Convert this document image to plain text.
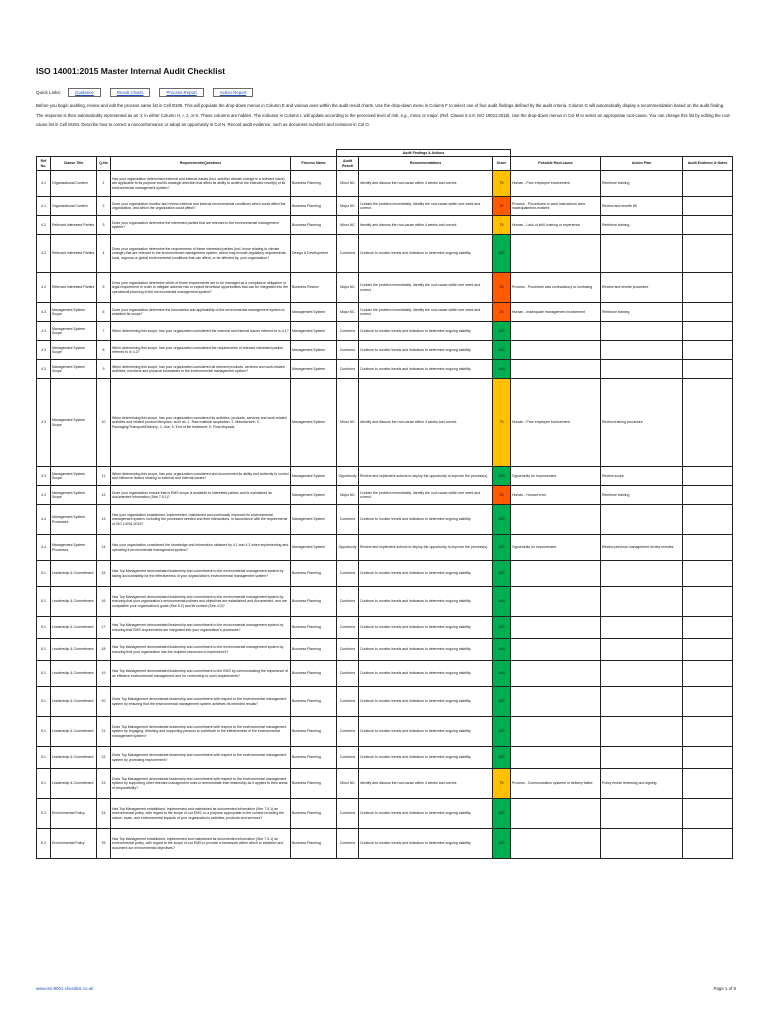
ISO 14001:2015 Master Internal Audit Checklist
Quick Links:	Guidance	Result Charts	Process Report	Action Report
Before you begin auditing, review and edit the process name list in Cell B195. This will populate the drop-down menus in Column E and various axes within the audit result charts. Use the drop-down menu in Column F to select one of four audit findings defined by the audit criteria. Column G will automatically display a recommendation based on the audit finding. The response is then automatically represented as an 'x' in either Column H, I, J, or K. These columns are hidden. The indicator in Column L will update according to the perceived level of risk, e.g., minor or major. (Ref. Clause 6.4.8, ISO 19011:2018). Use the drop-down menus in Col M to select an appropriate root-cause. You can change this list by editing the root-cause list in Cell M194. Describe how to correct a nonconformance or adopt an opportunity in Col N. Record audit evidence, such as document numbers and revisions in Col O.
					Audit Findings & Actions					
Ref No.	Clause Title	Q-No	Requirements/Questions	Process Name	Audit Result	Recommendations	Score	Possible Root-cause	Action Plan	Audit Evidence & Notes
4.1	Organizational Context	1	Has your organization determined external and internal issues (incl. whether climate change is a relevant issue) are applicable to its purpose and its strategic direction that affect its ability to achieve the intended result(s) of its environmental management system?	Business Planning	Minor NC	Identify and discuss the root-cause within 4 weeks and correct.	75	Human - Poor employee involvement	Reinforce training	
4.1	Organizational Context	2	Does your organization monitor and review external and internal environmental conditions which could affect the organization, and which the organization could affect?	Business Planning	Major NC	Contain the problem immediately. Identify the root-cause within one week and correct.	25	Process - Procedures or work instructions were inadequate/non-existent	Review and rewrite WI	
4.2	Relevant Interested Parties	3	Does your organization determine the interested parties that are relevant to the environmental management system?	Business Planning	Minor NC	Identify and discuss the root-cause within 4 weeks and correct.	75	Human - Lack of skill, training or experience	Reinforce training	
4.2	Relevant Interested Parties	4	Does your organization determine the requirements of these interested parties (incl. those relating to climate change) that are relevant to the environmental management system, which may include regulatory requirements, local, regional or global environmental conditions that can affect, or be affected by, your organization?	Design & Development	Conforms	Continue to monitor trends and indicators to determine ongoing stability.	100			
4.2	Relevant Interested Parties	5	Does your organization determine which of those requirements are to be managed as a compliance obligation or legal requirement in order to mitigate adverse risk or exploit beneficial opportunities that can be integrated into the operational planning of the environmental management system?	Business Review	Major NC	Contain the problem immediately. Identify the root-cause within one week and correct.	25	Process - Procedure was contradictory or confusing	Review and rewrite procedure	
4.3	Management System Scope	6	Does your organization determine the boundaries and applicability of the environmental management system to establish its scope?	Management System	Major NC	Contain the problem immediately. Identify the root-cause within one week and correct.	25	Human - Inadequate management involvement	Reinforce training	
4.3	Management System Scope	7	When determining this scope, has your organization considered the external and internal issues referred to in 4.1?	Management System	Conforms	Continue to monitor trends and indicators to determine ongoing stability.	100			
4.3	Management System Scope	8	When determining this scope, has your organization considered the requirements of relevant interested parties referred to in 4.2?	Management System	Conforms	Continue to monitor trends and indicators to determine ongoing stability.	100			
4.3	Management System Scope	9	When determining this scope, has your organization considered all relevant products, services and work-related activities, functions and physical boundaries to the environmental management system?	Management System	Conforms	Continue to monitor trends and indicators to determine ongoing stability.	100			
4.3	Management System Scope	10	When determining this scope, has your organization considered its activities, products, services and work-related activities and related product lifecycles, such as: 1. Raw material acquisition; 2. Manufacture; 3. Packaging/Transport/Delivery; 4. Use; 5. End of life treatment; 6. Final disposal.	Management System	Minor NC	Identify and discuss the root-cause within 4 weeks and correct.	75	Human - Poor employee involvement	Review training procedure	
4.3	Management System Scope	11	When determining this scope, has your organization considered and documented its ability and authority to control and influence factors relating to external and internal issues?	Management System	Opportunity	Review and implement actions to deploy the opportunity to improve the process(s).	100	Opportunity for improvement	Review scope	
4.3	Management System Scope	12	Does your organization ensure that is EMS scope is available to interested parties and is maintained as documented information (See 7.5.1)?	Management System	Major NC	Contain the problem immediately. Identify the root-cause within one week and correct.	25	Human - Human error	Reinforce training	
4.4	Management System Processes	13	Has your organization established, implemented, maintained and continually improved its environmental management system, including the processes needed and their interactions, in accordance with the requirements of ISO 14001:2015?	Management System	Conforms	Continue to monitor trends and indicators to determine ongoing stability.	100			
4.4	Management System Processes	14	Has your organization considered the knowledge and information obtained by 4.1 and 4.2 when implementing and operating it environmental management system?	Management System	Opportunity	Review and implement actions to deploy the opportunity to improve the process(s).	100	Opportunity for improvement	Review previous management review minutes	
5.1	Leadership & Commitment	15	Has Top Management demonstrated leadership and commitment to the environmental management system by taking accountability for the effectiveness of your organization's environmental management system?	Business Planning	Conforms	Continue to monitor trends and indicators to determine ongoing stability.	100			
5.1	Leadership & Commitment	16	Has Top Management demonstrated leadership and commitment to the environmental management system by ensuring that your organization's environmental policies and objectives are established and documented, and are compatible your organization's goals (See 6.2) and its context (See 4.0)?	Business Planning	Conforms	Continue to monitor trends and indicators to determine ongoing stability.	100			
5.1	Leadership & Commitment	17	Has Top Management demonstrated leadership and commitment to the environmental management system by ensuring that EMS requirements are integrated into your organization's processes?	Business Planning	Conforms	Continue to monitor trends and indicators to determine ongoing stability.	100			
5.1	Leadership & Commitment	18	Has Top Management demonstrated leadership and commitment to the environmental management system by ensuring that your organization has the required resources to implement it?	Business Planning	Conforms	Continue to monitor trends and indicators to determine ongoing stability.	100			
5.1	Leadership & Commitment	19	Has Top Management demonstrated leadership and commitment to the EMS by communicating the importance of an effective environmental management and for conforming to such requirements?	Business Planning	Conforms	Continue to monitor trends and indicators to determine ongoing stability.	100			
5.1	Leadership & Commitment	20	Does Top Management demonstrate leadership and commitment with respect to the environmental management system by ensuring that the environmental management system achieves its intended results?	Business Planning	Conforms	Continue to monitor trends and indicators to determine ongoing stability.	100			
5.1	Leadership & Commitment	21	Does Top Management demonstrate leadership and commitment with respect to the environmental management system by engaging, directing and supporting persons to contribute to the effectiveness of the environmental management system?	Business Planning	Conforms	Continue to monitor trends and indicators to determine ongoing stability.	100			
5.1	Leadership & Commitment	22	Does Top Management demonstrate leadership and commitment with respect to the environmental management system by promoting improvement?	Business Planning	Conforms	Continue to monitor trends and indicators to determine ongoing stability.	100			
5.1	Leadership & Commitment	23	Does Top Management demonstrate leadership and commitment with respect to the environmental management system by supporting other relevant management roles to demonstrate their leadership as it applies to their areas of responsibility?	Business Planning	Minor NC	Identify and discuss the root-cause within 4 weeks and correct.	75	Process - Communication systems or delivery failed.	Policy needs reviewing and signing.	
5.2	Environmental Policy	24	Has Top Management established, implemented and maintained as documented information (See 7.5.1) an environmental policy, with regard to the scope of our EMS, to a purpose appropriate to the context including the nature, scale, and environmental impacts of your organization's activities, products and services?	Business Planning	Conforms	Continue to monitor trends and indicators to determine ongoing stability.	100			
5.2	Environmental Policy	25	Has Top Management established, implemented and maintained as documented information (See 7.5.1) an environmental policy, with regard to the scope of our EMS to provide a framework within which to establish and document our environmental objectives?	Business Planning	Conforms	Continue to monitor trends and indicators to determine ongoing stability.	100			
www.iso-9001-checklist.co.uk	Page 1 of 8
